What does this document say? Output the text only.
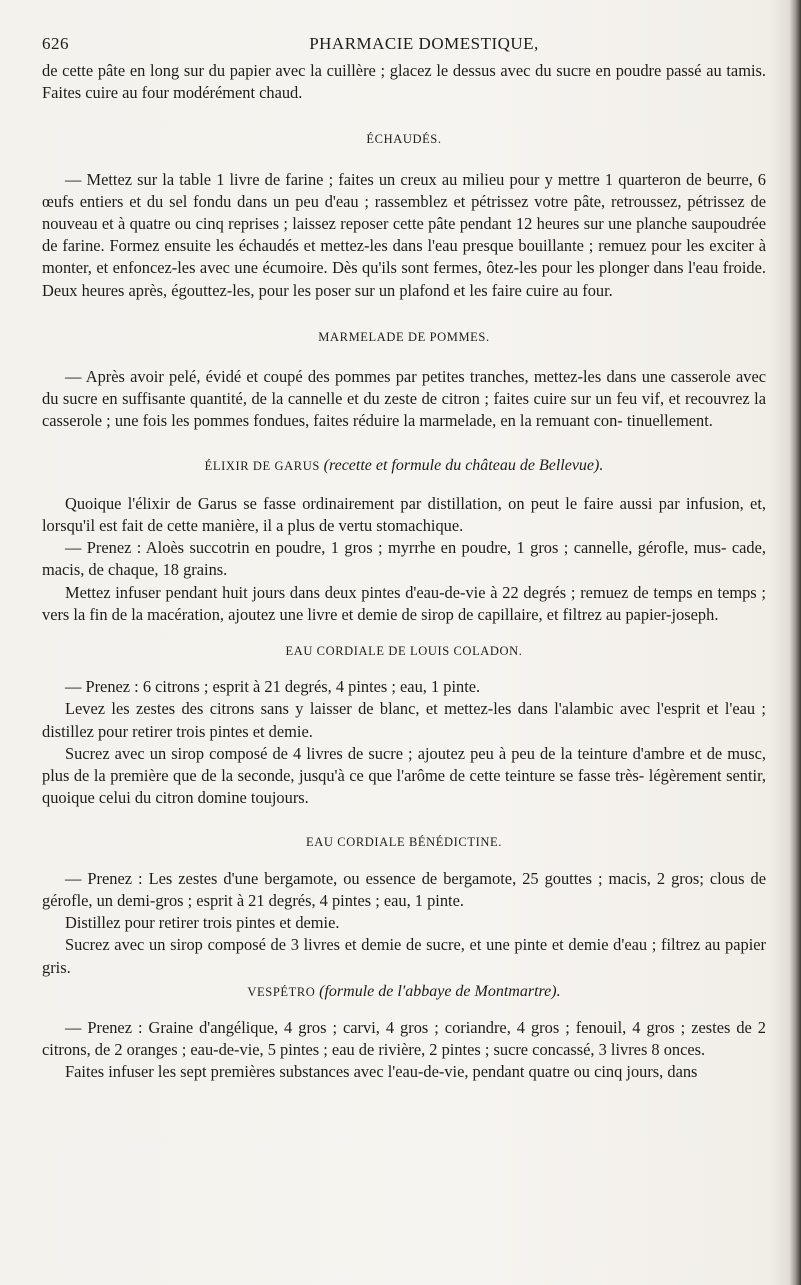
626	PHARMACIE DOMESTIQUE,

de cette pâte en long sur du papier avec la cuillère ; glacez le dessus avec du sucre en poudre passé au tamis. Faites cuire au four modérément chaud.

ÉCHAUDÉS.

— Mettez sur la table 1 livre de farine ; faites un creux au milieu pour y mettre 1 quarteron de beurre, 6 œufs entiers et du sel fondu dans un peu d'eau ; rassemblez et pétrissez votre pâte, retroussez, pétrissez de nouveau et à quatre ou cinq reprises ; laissez reposer cette pâte pendant 12 heures sur une planche saupoudrée de farine. Formez ensuite les échaudés et mettez-les dans l'eau presque bouillante ; remuez pour les exciter à monter, et enfoncez-les avec une écumoire. Dès qu'ils sont fermes, ôtez-les pour les plonger dans l'eau froide. Deux heures après, égouttez-les, pour les poser sur un plafond et les faire cuire au four.

MARMELADE DE POMMES.

— Après avoir pelé, évidé et coupé des pommes par petites tranches, mettez-les dans une casserole avec du sucre en suffisante quantité, de la cannelle et du zeste de citron ; faites cuire sur un feu vif, et recouvrez la casserole ; une fois les pommes fondues, faites réduire la marmelade, en la remuant con- tinuellement.

ÉLIXIR DE GARUS (recette et formule du château de Bellevue).

Quoique l'élixir de Garus se fasse ordinairement par distillation, on peut le faire aussi par infusion, et, lorsqu'il est fait de cette manière, il a plus de vertu stomachique.

— Prenez : Aloès succotrin en poudre, 1 gros ; myrrhe en poudre, 1 gros ; cannelle, gérofle, mus- cade, macis, de chaque, 18 grains.

Mettez infuser pendant huit jours dans deux pintes d'eau-de-vie à 22 degrés ; remuez de temps en temps ; vers la fin de la macération, ajoutez une livre et demie de sirop de capillaire, et filtrez au papier-joseph.

EAU CORDIALE DE LOUIS COLADON.

— Prenez : 6 citrons ; esprit à 21 degrés, 4 pintes ; eau, 1 pinte.

Levez les zestes des citrons sans y laisser de blanc, et mettez-les dans l'alambic avec l'esprit et l'eau ; distillez pour retirer trois pintes et demie.

Sucrez avec un sirop composé de 4 livres de sucre ; ajoutez peu à peu de la teinture d'ambre et de musc, plus de la première que de la seconde, jusqu'à ce que l'arôme de cette teinture se fasse très- légèrement sentir, quoique celui du citron domine toujours.

EAU CORDIALE BÉNÉDICTINE.

— Prenez : Les zestes d'une bergamote, ou essence de bergamote, 25 gouttes ; macis, 2 gros; clous de gérofle, un demi-gros ; esprit à 21 degrés, 4 pintes ; eau, 1 pinte.

Distillez pour retirer trois pintes et demie.

Sucrez avec un sirop composé de 3 livres et demie de sucre, et une pinte et demie d'eau ; filtrez au papier gris.

VESPÉTRO (formule de l'abbaye de Montmartre).

— Prenez : Graine d'angélique, 4 gros ; carvi, 4 gros ; coriandre, 4 gros ; fenouil, 4 gros ; zestes de 2 citrons, de 2 oranges ; eau-de-vie, 5 pintes ; eau de rivière, 2 pintes ; sucre concassé, 3 livres 8 onces.

Faites infuser les sept premières substances avec l'eau-de-vie, pendant quatre ou cinq jours, dans
